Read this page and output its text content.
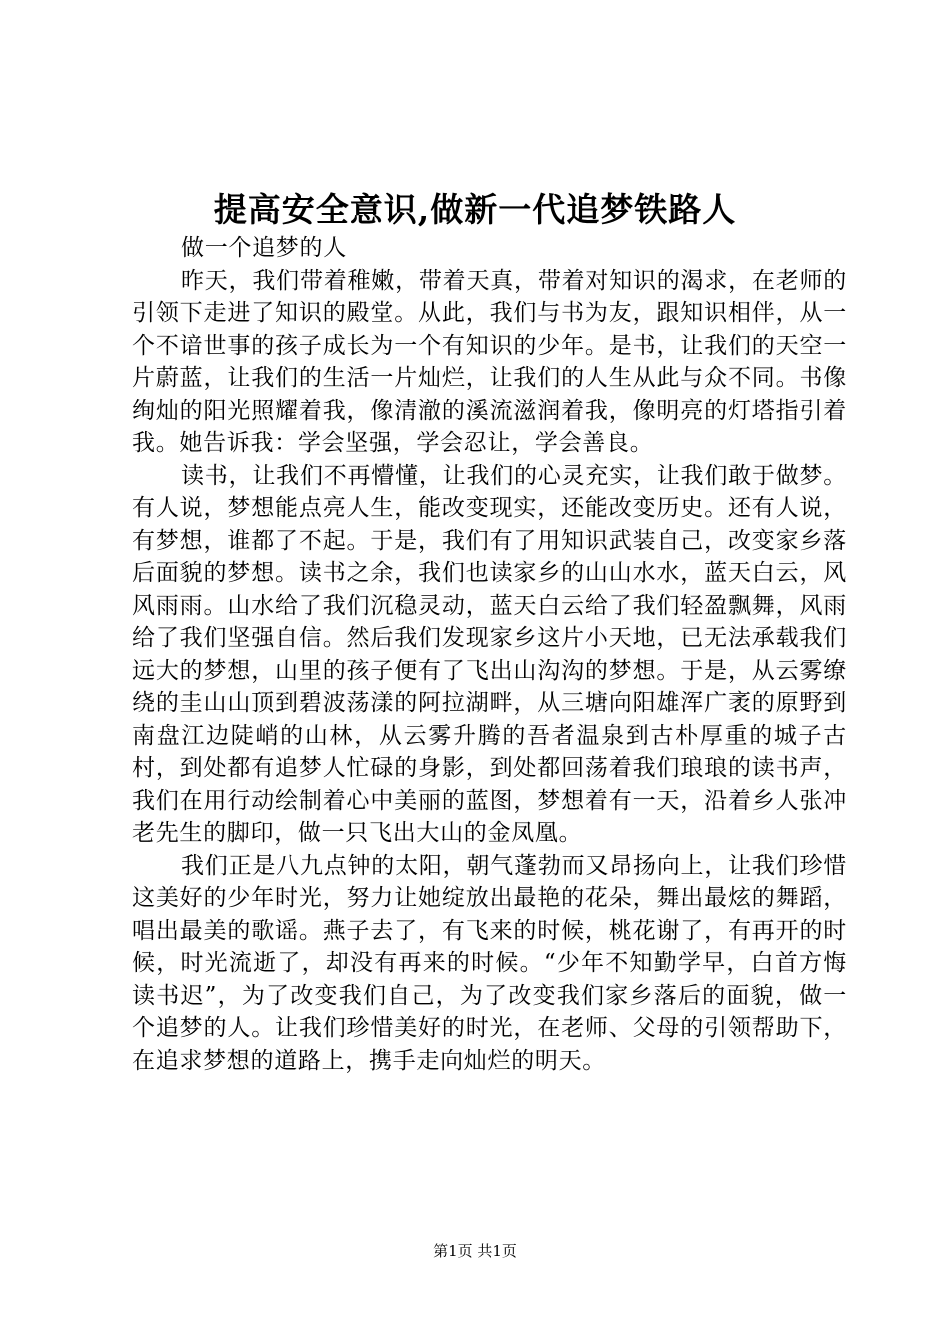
提高安全意识,做新一代追梦铁路人

做一个追梦的人

昨天，我们带着稚嫩，带着天真，带着对知识的渴求，在老师的引领下走进了知识的殿堂。从此，我们与书为友，跟知识相伴，从一个不谙世事的孩子成长为一个有知识的少年。是书，让我们的天空一片蔚蓝，让我们的生活一片灿烂，让我们的人生从此与众不同。书像绚灿的阳光照耀着我，像清澈的溪流滋润着我，像明亮的灯塔指引着我。她告诉我：学会坚强，学会忍让，学会善良。

读书，让我们不再懵懂，让我们的心灵充实，让我们敢于做梦。有人说，梦想能点亮人生，能改变现实，还能改变历史。还有人说，有梦想，谁都了不起。于是，我们有了用知识武装自己，改变家乡落后面貌的梦想。读书之余，我们也读家乡的山山水水，蓝天白云，风风雨雨。山水给了我们沉稳灵动，蓝天白云给了我们轻盈飘舞，风雨给了我们坚强自信。然后我们发现家乡这片小天地，已无法承载我们远大的梦想，山里的孩子便有了飞出山沟沟的梦想。于是，从云雾缭绕的圭山山顶到碧波荡漾的阿拉湖畔，从三塘向阳雄浑广袤的原野到南盘江边陡峭的山林，从云雾升腾的吾者温泉到古朴厚重的城子古村，到处都有追梦人忙碌的身影，到处都回荡着我们琅琅的读书声，我们在用行动绘制着心中美丽的蓝图，梦想着有一天，沿着乡人张冲老先生的脚印，做一只飞出大山的金凤凰。

我们正是八九点钟的太阳，朝气蓬勃而又昂扬向上，让我们珍惜这美好的少年时光，努力让她绽放出最艳的花朵，舞出最炫的舞蹈，唱出最美的歌谣。燕子去了，有飞来的时候，桃花谢了，有再开的时候，时光流逝了，却没有再来的时候。“少年不知勤学早，白首方悔读书迟”，为了改变我们自己，为了改变我们家乡落后的面貌，做一个追梦的人。让我们珍惜美好的时光，在老师、父母的引领帮助下，在追求梦想的道路上，携手走向灿烂的明天。

第1页 共1页
